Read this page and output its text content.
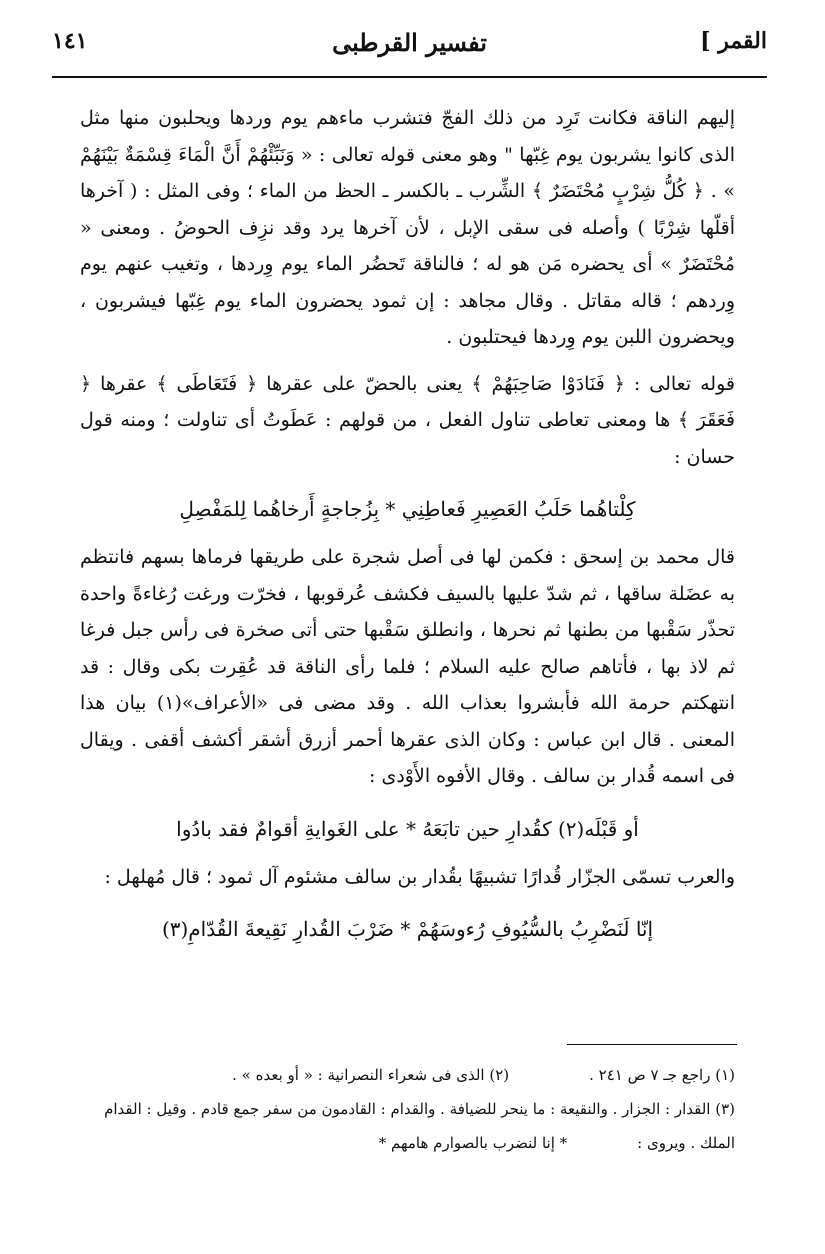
القمر ]
تفسير القرطبى
١٤١

إليهم الناقة فكانت تَرِد من ذلك الفجّ فتشرب ماءهم يوم وردها ويحلبون منها مثل الذى كانوا يشربون يوم غِبّها " وهو معنى قوله تعالى : « وَنَبِّئْهُمْ أَنَّ الْمَاءَ قِسْمَةٌ بَيْنَهُمْ » . ﴿ كُلُّ شِرْبٍ مُحْتَضَرٌ ﴾ الشِّرب ـ بالكسر ـ الحظ من الماء ؛ وفى المثل : ( آخرها أقلّها شِرْبًا ) وأصله فى سقى الإبل ، لأن آخرها يرد وقد نزِف الحوضُ . ومعنى « مُحْتَضَرٌ » أى يحضره مَن هو له ؛ فالناقة تَحضُر الماء يوم وِردها ، وتغيب عنهم يوم وِردهم ؛ قاله مقاتل . وقال مجاهد : إن ثمود يحضرون الماء يوم غِبّها فيشربون ، ويحضرون اللبن يوم وِردها فيحتلبون .

قوله تعالى : ﴿ فَنَادَوْا صَاحِبَهُمْ ﴾ يعنى بالحضّ على عقرها ﴿ فَتَعَاطَى ﴾ عقرها ﴿ فَعَقَرَ ﴾ ها ومعنى تعاطى تناول الفعل ، من قولهم : عَطَوتُ أى تناولت ؛ ومنه قول حسان :

كِلْتاهُما حَلَبُ العَصِيرِ فَعاطِنِي * بِزُجاجةٍ أَرخاهُما لِلمَفْصِلِ

قال محمد بن إسحق : فكمن لها فى أصل شجرة على طريقها فرماها بسهم فانتظم به عضَلة ساقها ، ثم شدّ عليها بالسيف فكشف عُرقوبها ، فخرّت ورغت رُغاءةً واحدة تحذّر سَقْبها من بطنها ثم نحرها ، وانطلق سَقْبها حتى أتى صخرة فى رأس جبل فرغا ثم لاذ بها ، فأتاهم صالح عليه السلام ؛ فلما رأى الناقة قد عُقِرت بكى وقال : قد انتهكتم حرمة الله فأبشروا بعذاب الله . وقد مضى فى «الأعراف»(١) بيان هذا المعنى . قال ابن عباس : وكان الذى عقرها أحمر أزرق أشقر أكشف أقفى . ويقال فى اسمه قُدار بن سالف . وقال الأفوه الأَوْدى :

أو قَبْلَه(٢) كقُدارِ حين تابَعَهُ * على الغَوايةِ أقوامٌ فقد بادُوا

والعرب تسمّى الجزّار قُدارًا تشبيهًا بقُدار بن سالف مشئوم آل ثمود ؛ قال مُهلهل :

إنّا لَنَضْرِبُ بالسُّيُوفِ رُءوسَهُمْ * ضَرْبَ القُدارِ نَقِيعةَ القُدّامِ(٣)
(١) راجع جـ ٧ ص ٢٤١ .
(٢) الذى فى شعراء النصرانية : « أو بعده » .
(٣) القدار : الجزار . والنقيعة : ما ينحر للضيافة . والقدام : القادمون من سفر جمع قادم . وقيل : القدام
الملك . ويروى :
* إنا لنضرب بالصوارم هامهم *
